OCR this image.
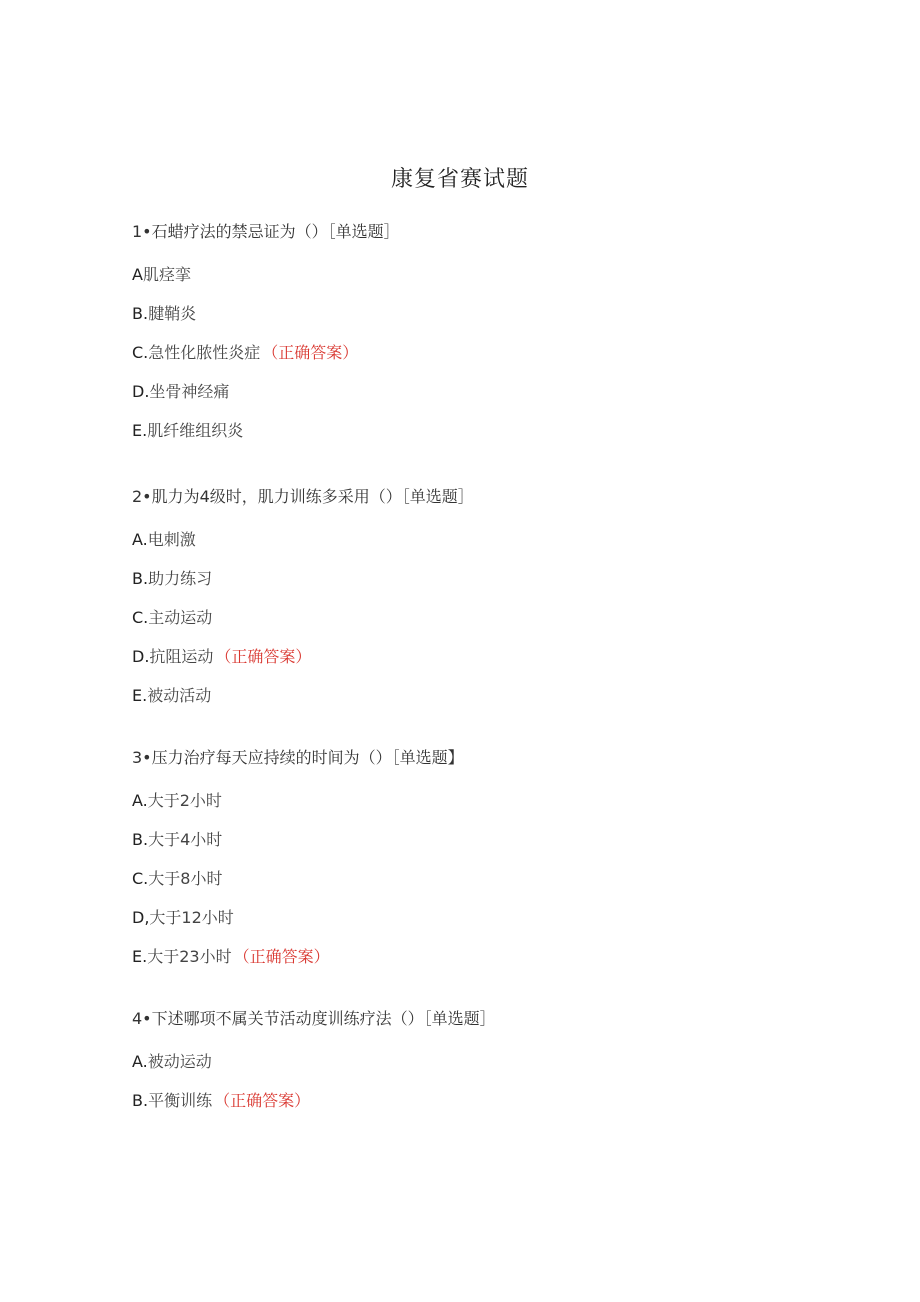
康复省赛试题
1•石蜡疗法的禁忌证为（）［单选题］
A肌痉挛
B.腱鞘炎
C.急性化脓性炎症 （正确答案）
D.坐骨神经痛
E.肌纤维组织炎
2•肌力为4级时，肌力训练多采用（）［单选题］
A.电刺激
B.助力练习
C.主动运动
D.抗阻运动 （正确答案）
E.被动活动
3•压力治疗每天应持续的时间为（）［单选题】
A.大于2小时
B.大于4小时
C.大于8小时
D,大于12小时
E.大于23小时 （正确答案）
4•下述哪项不属关节活动度训练疗法（）［单选题］
A.被动运动
B.平衡训练 （正确答案）
